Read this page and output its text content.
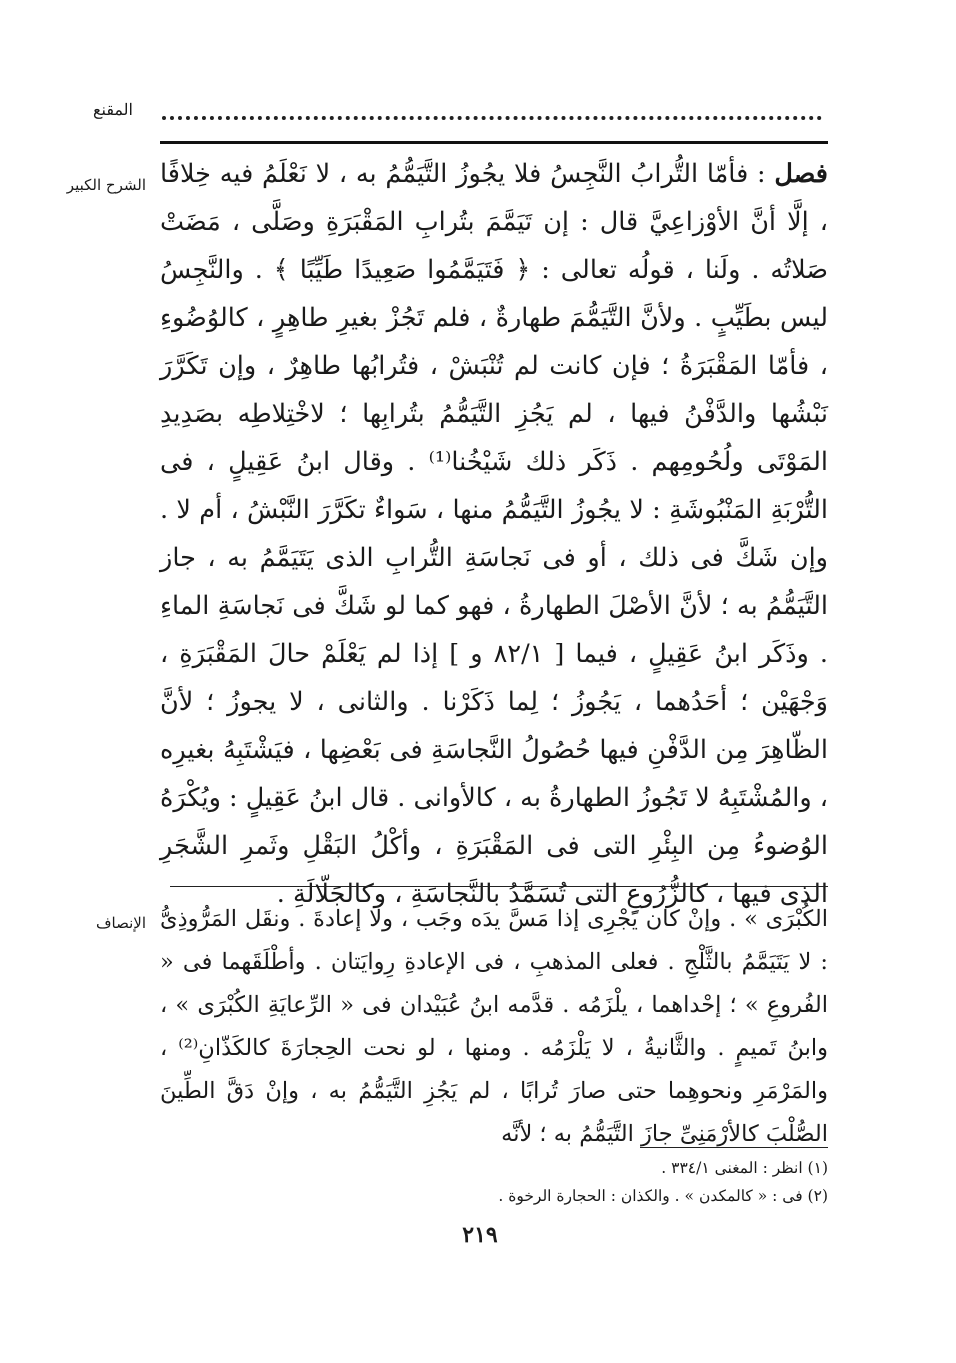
المقنع
الشرح الكبير	فصل : فأمّا التُّرابُ النَّجِسُ فلا يجُوزُ التَّيَمُّمُ به ، لا نَعْلَمُ فيه خِلافًا ، إلَّا أنَّ الأوْزاعِيَّ قال : إن تَيَمَّمَ بتُرابِ المَقْبَرَةِ وصَلَّى ، مَضَتْ صَلاتُه . ولَنا ، قولُه تعالى : ﴿ فَتَيَمَّمُوا صَعِيدًا طَيِّبًا ﴾ . والنَّجِسُ ليس بطَيِّبٍ . ولأنَّ التَّيَمُّمَ طهارةٌ ، فلم تَجُزْ بغيرِ طاهِرٍ ، كالوُضُوءِ ، فأمّا المَقْبَرَةُ ؛ فإن كانت لم تُنْبَشْ ، فتُرابُها طاهِرٌ ، وإن تَكَرَّرَ نَبْشُها والدَّفْنُ فيها ، لم يَجُزِ التَّيَمُّمُ بتُرابِها ؛ لاخْتِلاطِه بصَدِيدِ المَوْتَى ولُحُومِهم . ذَكَر ذلك شَيْخُنا⁽¹⁾ . وقال ابنُ عَقِيلٍ ، فى التُّرْبَةِ المَنْبُوشَةِ : لا يجُوزُ التَّيَمُّمُ منها ، سَواءٌ تكَرَّرَ النَّبْشُ ، أم لا . وإن شَكَّ فى ذلك ، أو فى نَجاسَةِ التُّرابِ الذى يَتَيَمَّمُ به ، جاز التَّيَمُّمُ به ؛ لأنَّ الأصْلَ الطهارةُ ، فهو كما لو شَكَّ فى نَجاسَةِ الماءِ . وذَكَر ابنُ عَقِيلٍ ، فيما [ ٨٢/١ و ] إذا لم يَعْلَمْ حالَ المَقْبَرَةِ ، وَجْهَيْن ؛ أحَدُهما ، يَجُوزُ ؛ لِما ذَكَرْنا . والثانى ، لا يجوزُ ؛ لأنَّ الظّاهِرَ مِن الدَّفْنِ فيها حُصُولُ النَّجاسَةِ فى بَعْضِها ، فيَشْتَبِهُ بغيرِه ، والمُشْتَبِهُ لا تَجُوزُ الطهارةُ به ، كالأوانى . قال ابنُ عَقِيلٍ : ويُكْرَهُ الوُضوءُ مِن البِئْرِ التى فى المَقْبَرَةِ ، وأكْلُ البَقْلِ وثَمرِ الشَّجَرِ الذى فيها ، كالزُّرُوعِ التى تُسَمَّدُ بالنَّجاسَةِ ، وكالجَلّالَةِ .

الإنصاف الكُبْرَى » . وإنْ كان يَجْرِى إذا مَسَّ يدَه وجَب ، ولا إعادةَ . ونقَل المَرُّوذِىُّ : لا يَتَيَمَّمُ بالثَّلْجِ . فعلى المذهبِ ، فى الإعادةِ رِوايَتان . وأطْلَقَهما فى « الفُروعِ » ؛ إحْداهما ، يلْزَمُه . قدَّمه ابنُ عُبَيْدان فى « الرِّعايَةِ الكُبْرَى » ، وابنُ تَميمٍ . والثَّانيةُ ، لا يَلْزَمُه . ومنها ، لو نحت الحِجارَةَ كالكَذّانِ⁽²⁾ ، والمَرْمَرِ ونحوهِما حتى صارَ تُرابًا ، لم يَجُزِ التَّيَمُّمُ به ، وإنْ دَقَّ الطِّينَ الصُّلْبَ كالأرْمَنِىِّ جازَ التَّيَمُّمُ به ؛ لأنَّه
(١) انظر : المغنى ٣٣٤/١ .
(٢) فى : « كالمكدن » . والكذان : الحجارة الرخوة .
٢١٩
